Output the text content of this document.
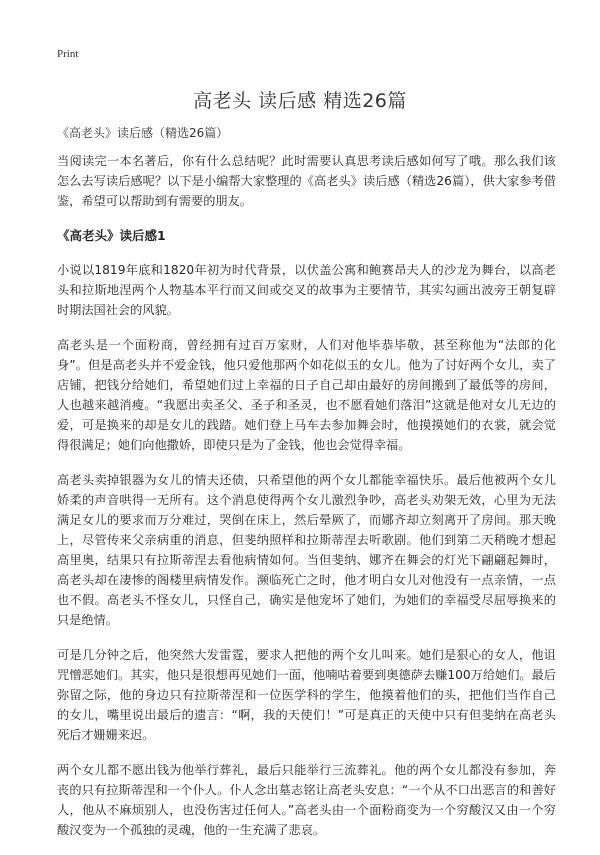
Print
高老头 读后感 精选26篇
《高老头》读后感（精选26篇）

当阅读完一本名著后，你有什么总结呢？此时需要认真思考读后感如何写了哦。那么我们该怎么去写读后感呢？以下是小编帮大家整理的《高老头》读后感（精选26篇），供大家参考借鉴，希望可以帮助到有需要的朋友。

《高老头》读后感1

小说以1819年底和1820年初为时代背景，以伏盖公寓和鲍赛昂夫人的沙龙为舞台，以高老头和拉斯地涅两个人物基本平行而又间或交叉的故事为主要情节，其实勾画出波旁王朝复辟时期法国社会的风貌。

高老头是一个面粉商，曾经拥有过百万家财，人们对他毕恭毕敬，甚至称他为“法郎的化身”。但是高老头并不爱金钱，他只爱他那两个如花似玉的女儿。他为了讨好两个女儿，卖了店铺，把钱分给她们，希望她们过上幸福的日子自己却由最好的房间搬到了最低等的房间，人也越来越消瘦。“我愿出卖圣父、圣子和圣灵，也不愿看她们落泪”这就是他对女儿无边的爱，可是换来的却是女儿的践踏。她们登上马车去参加舞会时，他摸摸她们的衣裳，就会觉得很满足；她们向他撒娇，即使只是为了金钱，他也会觉得幸福。

高老头卖掉银器为女儿的情夫还债，只希望他的两个女儿都能幸福快乐。最后他被两个女儿娇柔的声音哄得一无所有。这个消息使得两个女儿激烈争吵，高老头劝架无效，心里为无法满足女儿的要求而万分难过，哭倒在床上，然后晕厥了，而娜齐却立刻离开了房间。那天晚上，尽管传来父亲病重的消息，但斐纳照样和拉斯蒂涅去听歌剧。他们到第二天稍晚才想起高里奥，结果只有拉斯蒂涅去看他病情如何。当但斐纳、娜齐在舞会的灯光下翩翩起舞时，高老头却在凄惨的阁楼里病情发作。濒临死亡之时，他才明白女儿对他没有一点亲情，一点也不假。高老头不怪女儿，只怪自己，确实是他宠坏了她们，为她们的幸福受尽屈辱换来的只是绝情。

可是几分钟之后，他突然大发雷霆，要求人把他的两个女儿叫来。她们是狠心的女人，他诅咒憎恶她们。其实，他只是很想再见她们一面，他喃咕着要到奥德萨去赚100万给她们。最后弥留之际，他的身边只有拉斯蒂涅和一位医学科的学生，他摸着他们的头，把他们当作自己的女儿，嘴里说出最后的遗言：“啊，我的天使们！”可是真正的天使中只有但斐纳在高老头死后才姗姗来迟。

两个女儿都不愿出钱为他举行葬礼，最后只能举行三流葬礼。他的两个女儿都没有参加，奔丧的只有拉斯蒂涅和一个仆人。仆人念出墓志铭让高老头安息：“一个从不口出恶言的和善好人，他从不麻烦别人，也没伤害过任何人。”高老头由一个面粉商变为一个穷酸汉又由一个穷酸汉变为一个孤独的灵魂，他的一生充满了悲哀。
